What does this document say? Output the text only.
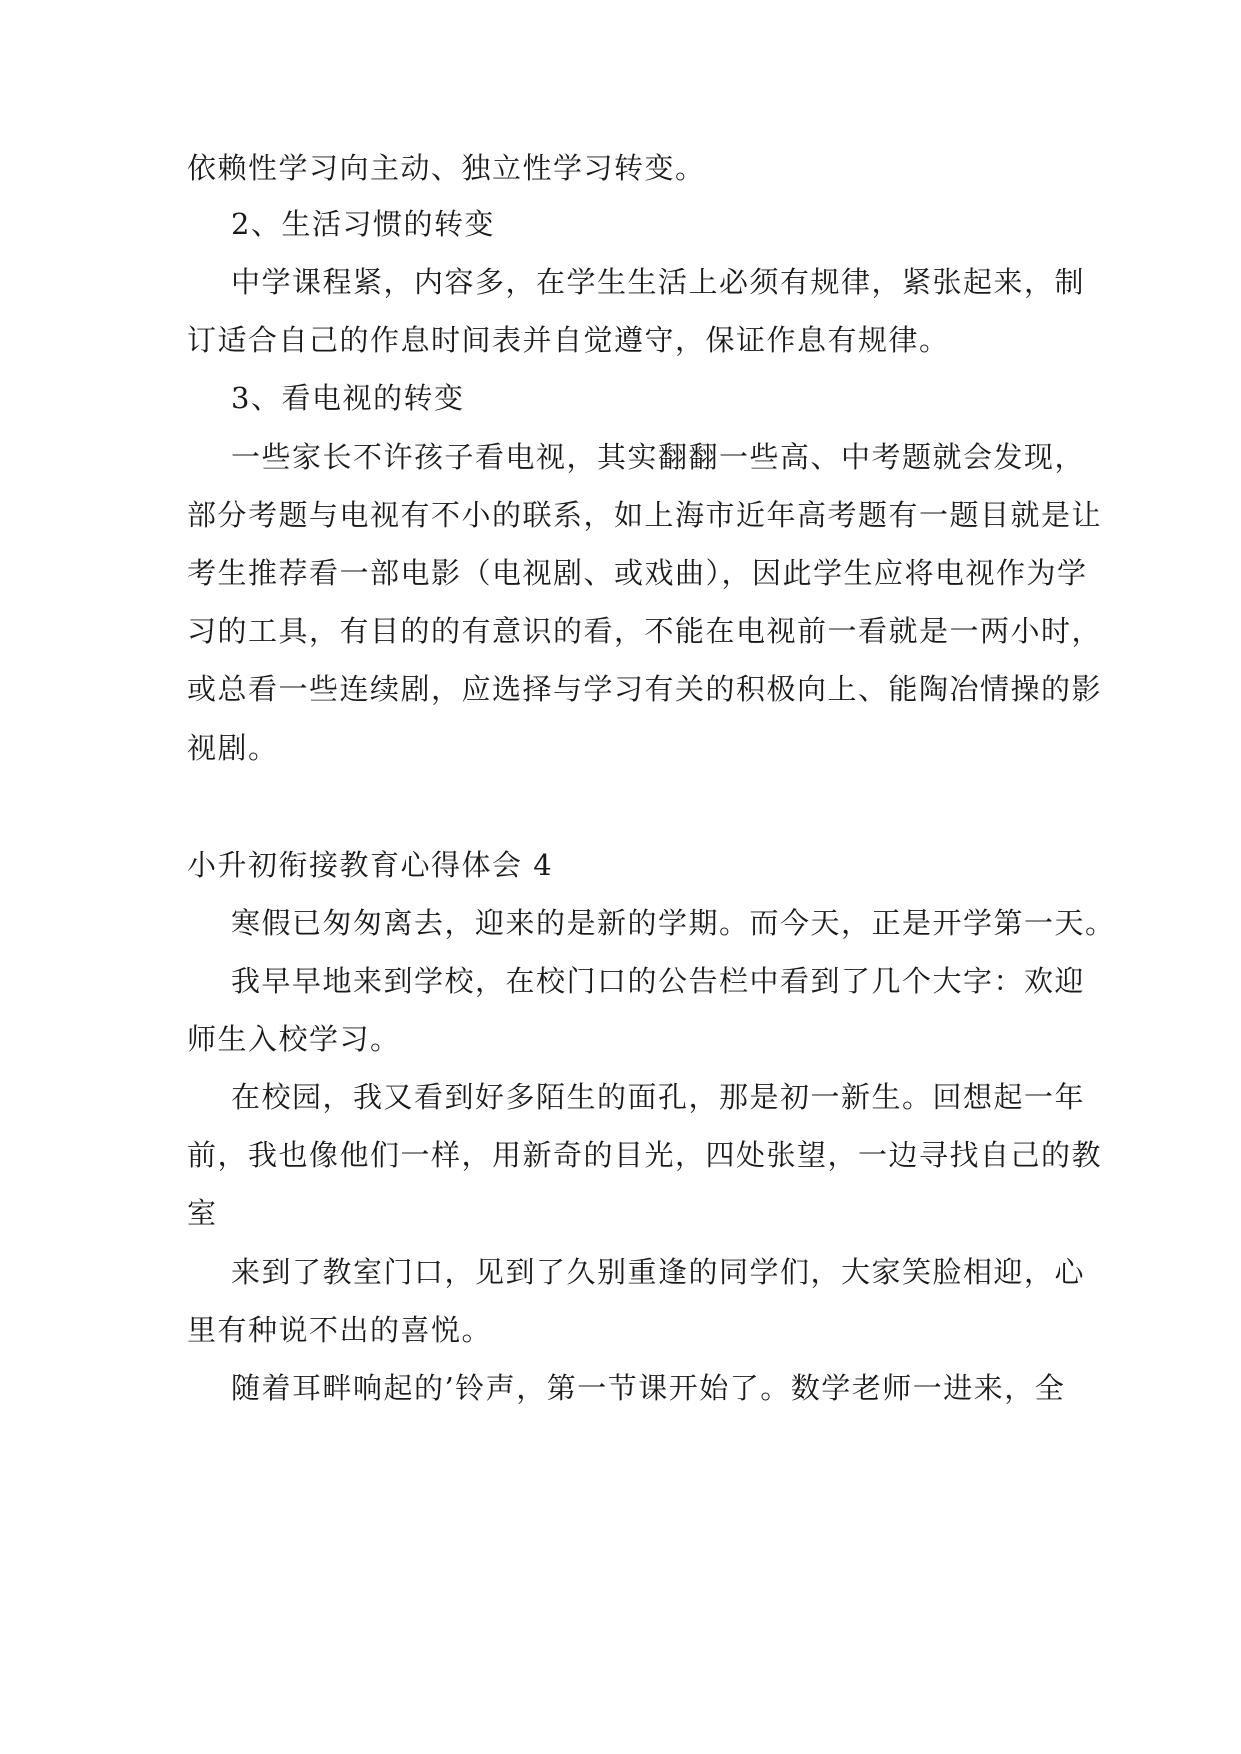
依赖性学习向主动、独立性学习转变。
2、生活习惯的转变
中学课程紧，内容多，在学生生活上必须有规律，紧张起来，制
订适合自己的作息时间表并自觉遵守，保证作息有规律。
3、看电视的转变
一些家长不许孩子看电视，其实翻翻一些高、中考题就会发现，
部分考题与电视有不小的联系，如上海市近年高考题有一题目就是让
考生推荐看一部电影（电视剧、或戏曲），因此学生应将电视作为学
习的工具，有目的的有意识的看，不能在电视前一看就是一两小时，
或总看一些连续剧，应选择与学习有关的积极向上、能陶冶情操的影
视剧。
小升初衔接教育心得体会 4
寒假已匆匆离去，迎来的是新的学期。而今天，正是开学第一天。
我早早地来到学校，在校门口的公告栏中看到了几个大字：欢迎
师生入校学习。
在校园，我又看到好多陌生的面孔，那是初一新生。回想起一年
前，我也像他们一样，用新奇的目光，四处张望，一边寻找自己的教
室
来到了教室门口，见到了久别重逢的同学们，大家笑脸相迎，心
里有种说不出的喜悦。
随着耳畔响起的’铃声，第一节课开始了。数学老师一进来，全
